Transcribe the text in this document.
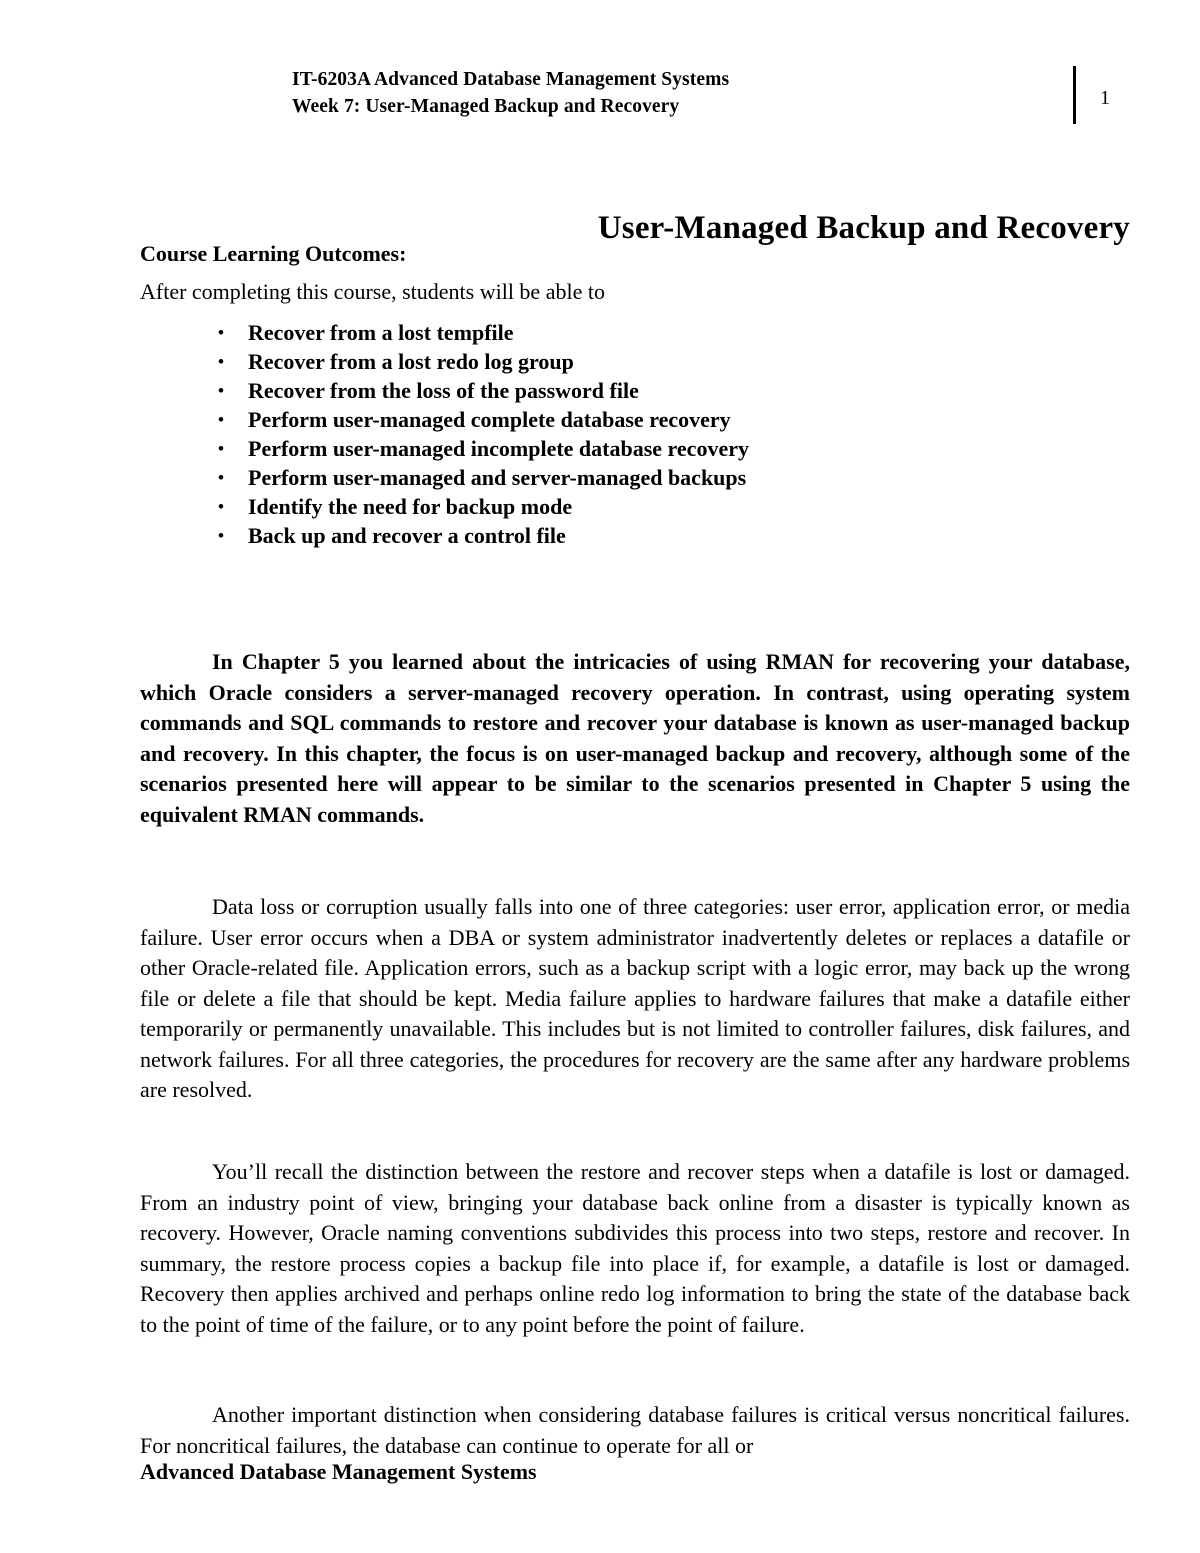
IT-6203A Advanced Database Management Systems
Week 7: User-Managed Backup and Recovery	1
User-Managed Backup and Recovery
Course Learning Outcomes:
After completing this course, students will be able to
• Recover from a lost tempfile
• Recover from a lost redo log group
• Recover from the loss of the password file
• Perform user-managed complete database recovery
• Perform user-managed incomplete database recovery
• Perform user-managed and server-managed backups
• Identify the need for backup mode
• Back up and recover a control file

In Chapter 5 you learned about the intricacies of using RMAN for recovering your database, which Oracle considers a server-managed recovery operation. In contrast, using operating system commands and SQL commands to restore and recover your database is known as user-managed backup and recovery. In this chapter, the focus is on user-managed backup and recovery, although some of the scenarios presented here will appear to be similar to the scenarios presented in Chapter 5 using the equivalent RMAN commands.

Data loss or corruption usually falls into one of three categories: user error, application error, or media failure. User error occurs when a DBA or system administrator inadvertently deletes or replaces a datafile or other Oracle-related file. Application errors, such as a backup script with a logic error, may back up the wrong file or delete a file that should be kept. Media failure applies to hardware failures that make a datafile either temporarily or permanently unavailable. This includes but is not limited to controller failures, disk failures, and network failures. For all three categories, the procedures for recovery are the same after any hardware problems are resolved.

You’ll recall the distinction between the restore and recover steps when a datafile is lost or damaged. From an industry point of view, bringing your database back online from a disaster is typically known as recovery. However, Oracle naming conventions subdivides this process into two steps, restore and recover. In summary, the restore process copies a backup file into place if, for example, a datafile is lost or damaged. Recovery then applies archived and perhaps online redo log information to bring the state of the database back to the point of time of the failure, or to any point before the point of failure.

Another important distinction when considering database failures is critical versus noncritical failures. For noncritical failures, the database can continue to operate for all or

Advanced Database Management Systems
